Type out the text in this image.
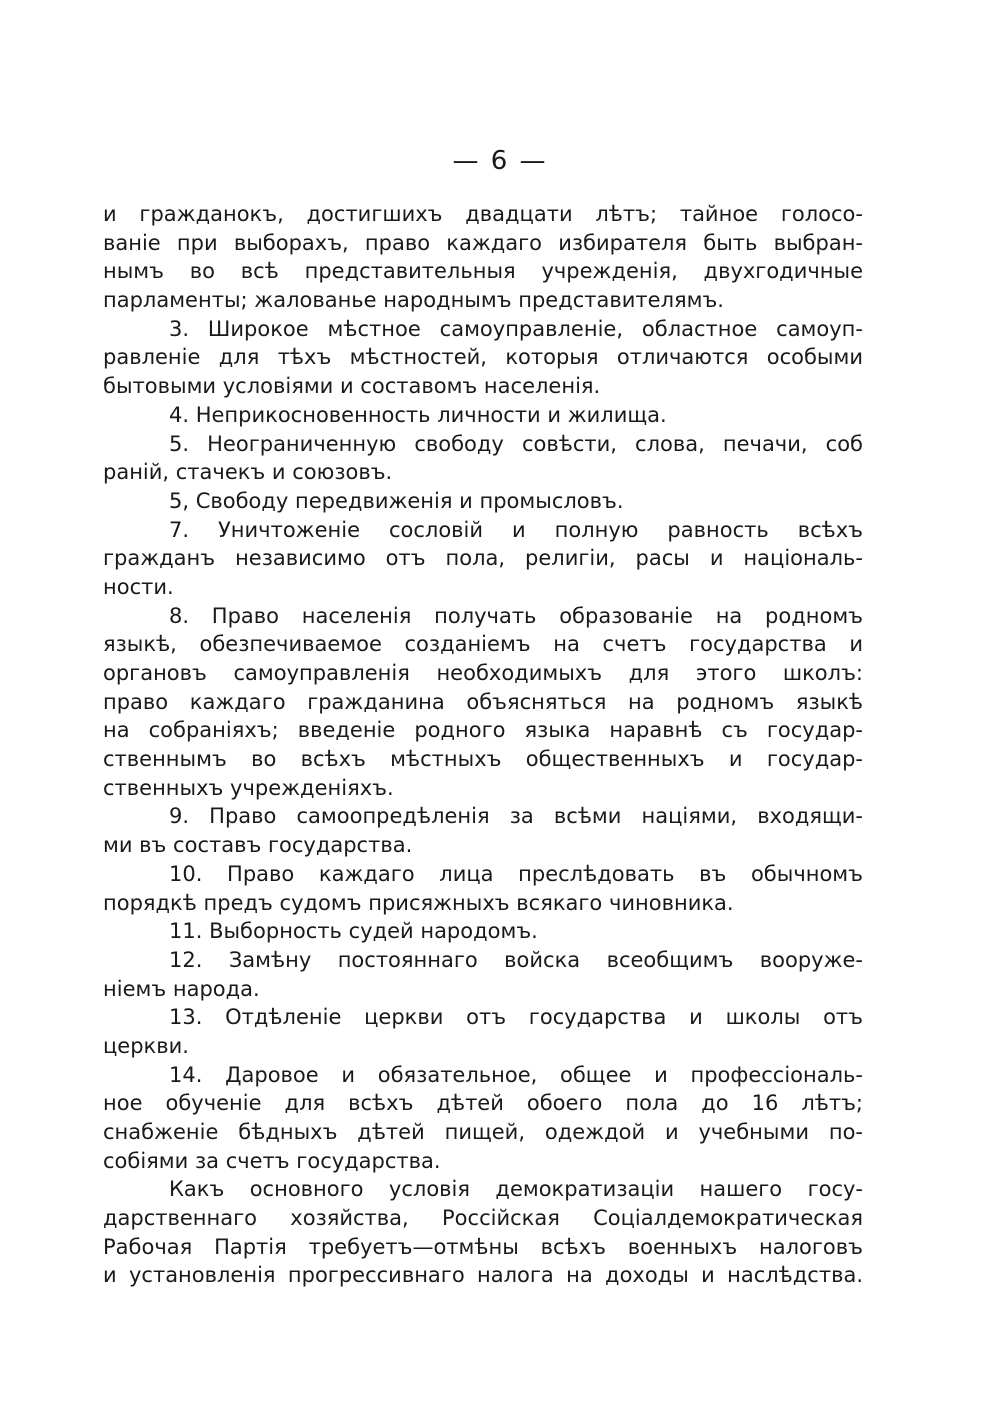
— 6 —
и гражданокъ, достигшихъ двадцати лѣтъ; тайное голосо-
ваніе при выборахъ, право каждаго избирателя быть выбран-
нымъ во всѣ представительныя учрежденія, двухгодичные
парламенты; жалованье народнымъ представителямъ.
3. Широкое мѣстное самоуправленіе, областное самоуп-
равленіе для тѣхъ мѣстностей, которыя отличаются особыми
бытовыми условіями и составомъ населенія.
4. Неприкосновенность личности и жилища.
5. Неограниченную свободу совѣсти, слова, печачи, соб
раній, стачекъ и союзовъ.
5, Свободу передвиженія и промысловъ.
7. Уничтоженіе сословій и полную равность всѣхъ
гражданъ независимо отъ пола, религіи, расы и національ-
ности.
8. Право населенія получать образованіе на родномъ
языкѣ, обезпечиваемое созданіемъ на счетъ государства и
органовъ самоуправленія необходимыхъ для этого школъ:
право каждаго гражданина объясняться на родномъ языкѣ
на собраніяхъ; введеніе родного языка наравнѣ съ государ-
ственнымъ во всѣхъ мѣстныхъ общественныхъ и государ-
ственныхъ учрежденіяхъ.
9. Право самоопредѣленія за всѣми націями, входящи-
ми въ составъ государства.
10. Право каждаго лица преслѣдовать въ обычномъ
порядкѣ предъ судомъ присяжныхъ всякаго чиновника.
11. Выборность судей народомъ.
12. Замѣну постояннаго войска всеобщимъ вооруже-
ніемъ народа.
13. Отдѣленіе церкви отъ государства и школы отъ
церкви.
14. Даровое и обязательное, общее и профессіональ-
ное обученіе для всѣхъ дѣтей обоего пола до 16 лѣтъ;
снабженіе бѣдныхъ дѣтей пищей, одеждой и учебными по-
собіями за счетъ государства.
Какъ основного условія демократизаціи нашего госу-
дарственнаго хозяйства, Россійская Соціалдемократическая
Рабочая Партія требуетъ—отмѣны всѣхъ военныхъ налоговъ
и установленія прогрессивнаго налога на доходы и наслѣдства.
